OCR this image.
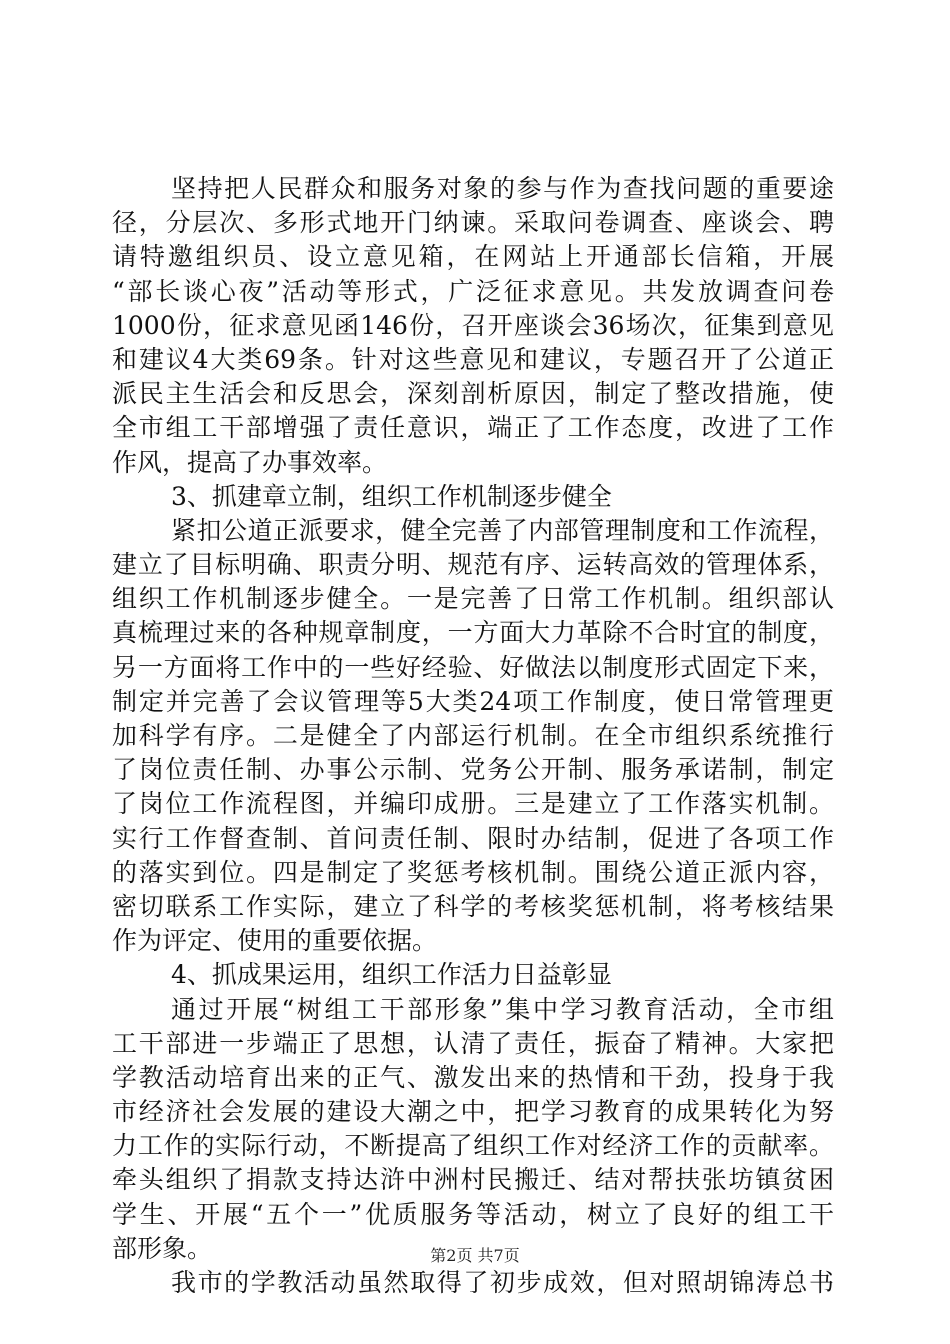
坚持把人民群众和服务对象的参与作为查找问题的重要途
径，分层次、多形式地开门纳谏。采取问卷调查、座谈会、聘
请特邀组织员、设立意见箱，在网站上开通部长信箱，开展
“部长谈心夜”活动等形式，广泛征求意见。共发放调查问卷
1000份，征求意见函146份，召开座谈会36场次，征集到意见
和建议4大类69条。针对这些意见和建议，专题召开了公道正
派民主生活会和反思会，深刻剖析原因，制定了整改措施，使
全市组工干部增强了责任意识，端正了工作态度，改进了工作
作风，提高了办事效率。
3、抓建章立制，组织工作机制逐步健全
紧扣公道正派要求，健全完善了内部管理制度和工作流程，
建立了目标明确、职责分明、规范有序、运转高效的管理体系，
组织工作机制逐步健全。一是完善了日常工作机制。组织部认
真梳理过来的各种规章制度，一方面大力革除不合时宜的制度，
另一方面将工作中的一些好经验、好做法以制度形式固定下来，
制定并完善了会议管理等5大类24项工作制度，使日常管理更
加科学有序。二是健全了内部运行机制。在全市组织系统推行
了岗位责任制、办事公示制、党务公开制、服务承诺制，制定
了岗位工作流程图，并编印成册。三是建立了工作落实机制。
实行工作督查制、首问责任制、限时办结制，促进了各项工作
的落实到位。四是制定了奖惩考核机制。围绕公道正派内容，
密切联系工作实际，建立了科学的考核奖惩机制，将考核结果
作为评定、使用的重要依据。
4、抓成果运用，组织工作活力日益彰显
通过开展“树组工干部形象”集中学习教育活动，全市组
工干部进一步端正了思想，认清了责任，振奋了精神。大家把
学教活动培育出来的正气、激发出来的热情和干劲，投身于我
市经济社会发展的建设大潮之中，把学习教育的成果转化为努
力工作的实际行动，不断提高了组织工作对经济工作的贡献率。
牵头组织了捐款支持达浒中洲村民搬迁、结对帮扶张坊镇贫困
学生、开展“五个一”优质服务等活动，树立了良好的组工干
部形象。
我市的学教活动虽然取得了初步成效，但对照胡锦涛总书
第2页 共7页
